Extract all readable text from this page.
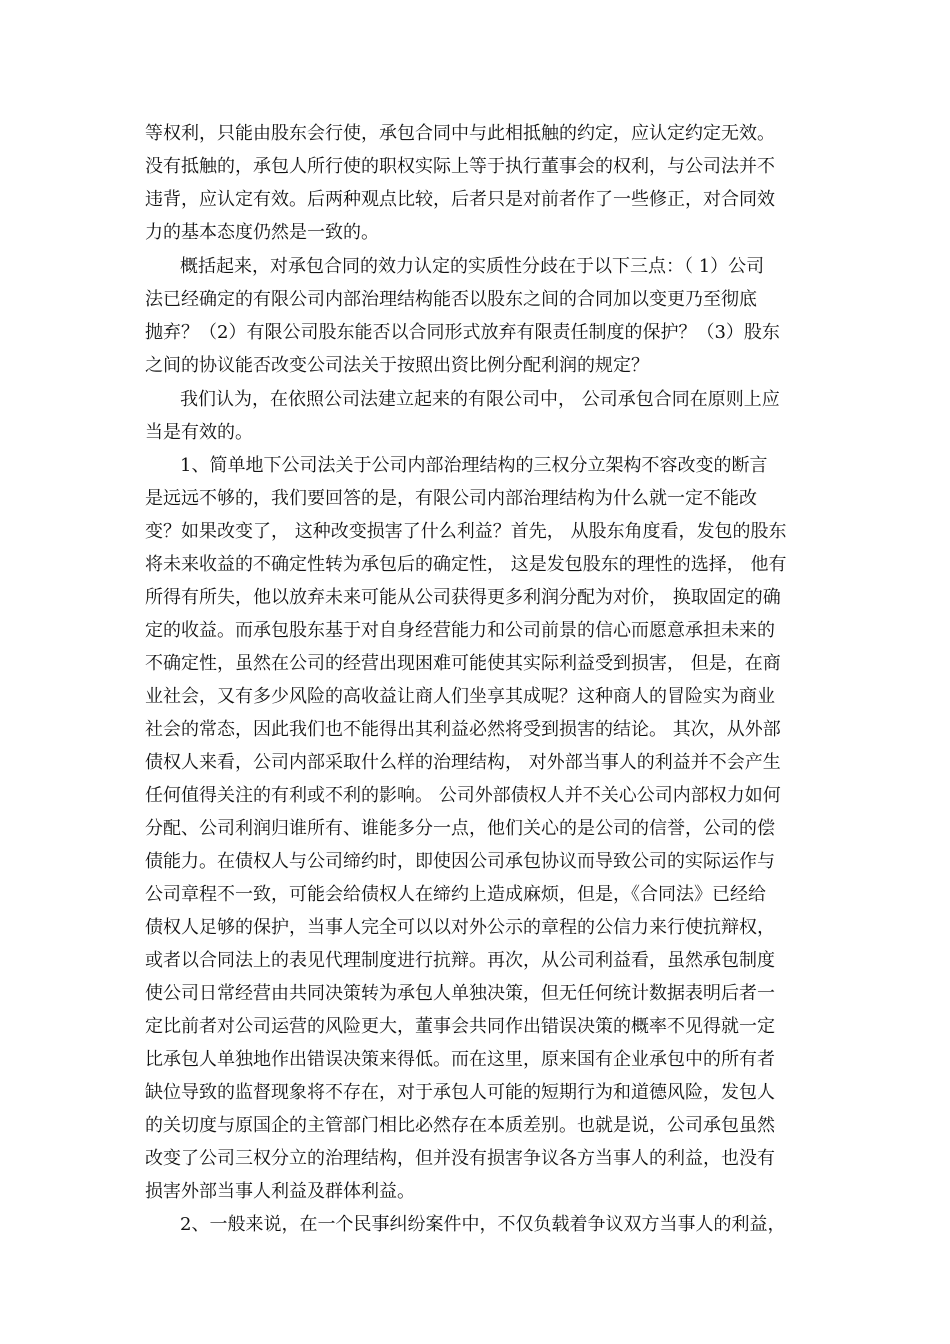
等权利，只能由股东会行使，承包合同中与此相抵触的约定，应认定约定无效。
没有抵触的，承包人所行使的职权实际上等于执行董事会的权利，与公司法并不
违背，应认定有效。后两种观点比较，后者只是对前者作了一些修正，对合同效
力的基本态度仍然是一致的。
概括起来，对承包合同的效力认定的实质性分歧在于以下三点：（ 1）公司
法已经确定的有限公司内部治理结构能否以股东之间的合同加以变更乃至彻底
抛弃？（2）有限公司股东能否以合同形式放弃有限责任制度的保护？（3）股东
之间的协议能否改变公司法关于按照出资比例分配利润的规定？
我们认为，在依照公司法建立起来的有限公司中， 公司承包合同在原则上应
当是有效的。
1、简单地下公司法关于公司内部治理结构的三权分立架构不容改变的断言
是远远不够的，我们要回答的是，有限公司内部治理结构为什么就一定不能改
变？如果改变了， 这种改变损害了什么利益？首先， 从股东角度看，发包的股东
将未来收益的不确定性转为承包后的确定性， 这是发包股东的理性的选择， 他有
所得有所失，他以放弃未来可能从公司获得更多利润分配为对价， 换取固定的确
定的收益。而承包股东基于对自身经营能力和公司前景的信心而愿意承担未来的
不确定性，虽然在公司的经营出现困难可能使其实际利益受到损害， 但是，在商
业社会，又有多少风险的高收益让商人们坐享其成呢？这种商人的冒险实为商业
社会的常态，因此我们也不能得出其利益必然将受到损害的结论。 其次，从外部
债权人来看，公司内部采取什么样的治理结构， 对外部当事人的利益并不会产生
任何值得关注的有利或不利的影响。 公司外部债权人并不关心公司内部权力如何
分配、公司利润归谁所有、谁能多分一点，他们关心的是公司的信誉，公司的偿
债能力。在债权人与公司缔约时，即使因公司承包协议而导致公司的实际运作与
公司章程不一致，可能会给债权人在缔约上造成麻烦，但是，《合同法》已经给
债权人足够的保护，当事人完全可以以对外公示的章程的公信力来行使抗辩权，
或者以合同法上的表见代理制度进行抗辩。再次，从公司利益看，虽然承包制度
使公司日常经营由共同决策转为承包人单独决策，但无任何统计数据表明后者一
定比前者对公司运营的风险更大，董事会共同作出错误决策的概率不见得就一定
比承包人单独地作出错误决策来得低。而在这里，原来国有企业承包中的所有者
缺位导致的监督现象将不存在，对于承包人可能的短期行为和道德风险，发包人
的关切度与原国企的主管部门相比必然存在本质差别。也就是说，公司承包虽然
改变了公司三权分立的治理结构，但并没有损害争议各方当事人的利益，也没有
损害外部当事人利益及群体利益。
2、一般来说，在一个民事纠纷案件中，不仅负载着争议双方当事人的利益，
